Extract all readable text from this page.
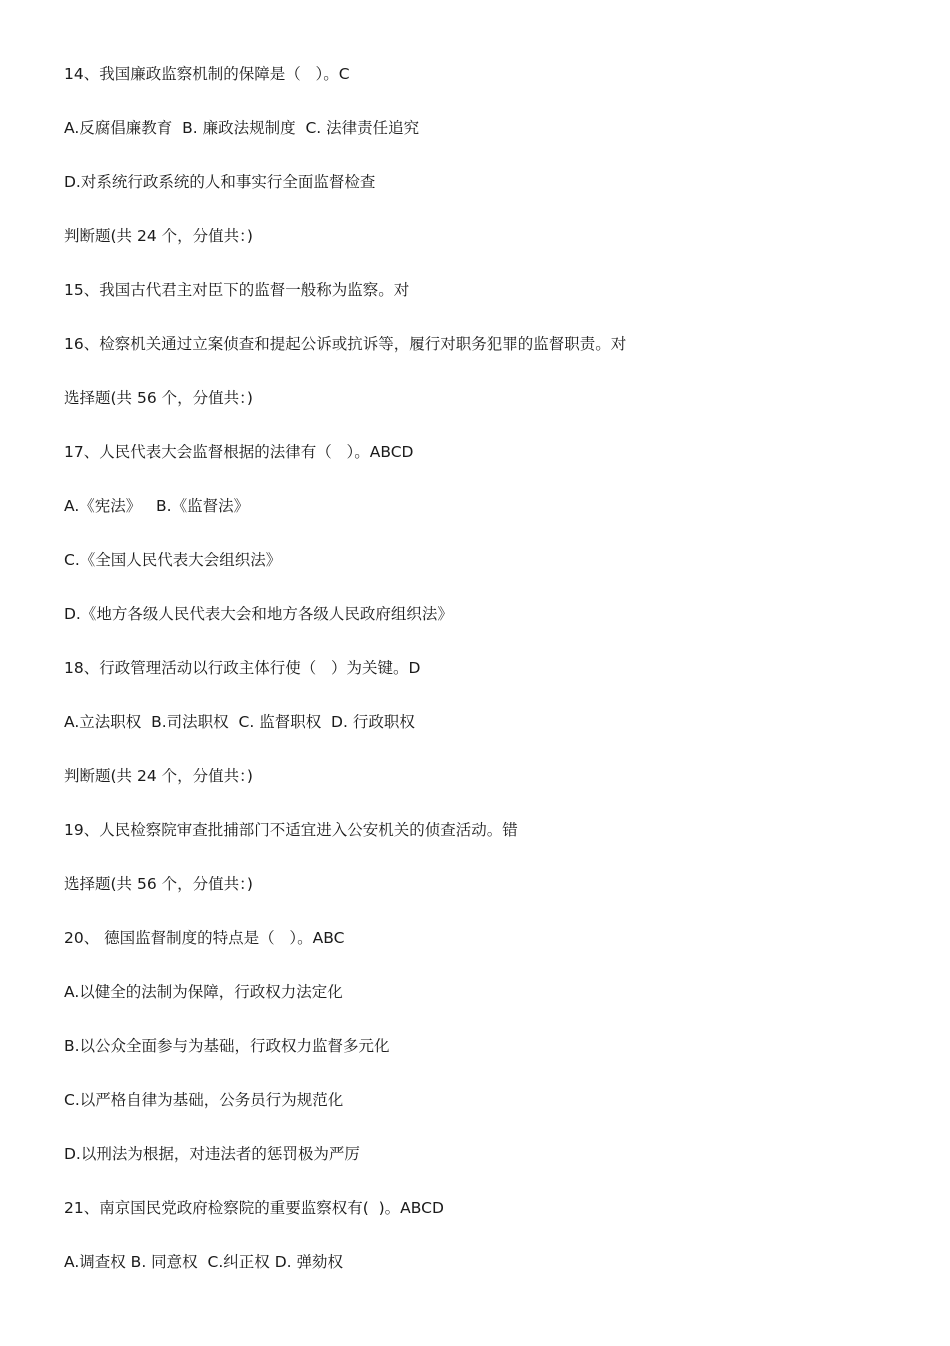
14、我国廉政监察机制的保障是（   ）。C
A.反腐倡廉教育  B. 廉政法规制度  C. 法律责任追究
D.对系统行政系统的人和事实行全面监督检查
判断题(共 24 个，分值共：)
15、我国古代君主对臣下的监督一般称为监察。对
16、检察机关通过立案侦查和提起公诉或抗诉等，履行对职务犯罪的监督职责。对
选择题(共 56 个，分值共：)
17、人民代表大会监督根据的法律有（   ）。ABCD
A.《宪法》   B.《监督法》
C.《全国人民代表大会组织法》
D.《地方各级人民代表大会和地方各级人民政府组织法》
18、行政管理活动以行政主体行使（   ）为关键。D
A.立法职权  B.司法职权  C. 监督职权  D. 行政职权
判断题(共 24 个，分值共：)
19、人民检察院审查批捕部门不适宜进入公安机关的侦查活动。错
选择题(共 56 个，分值共：)
20、 德国监督制度的特点是（   ）。ABC
A.以健全的法制为保障，行政权力法定化
B.以公众全面参与为基础，行政权力监督多元化
C.以严格自律为基础，公务员行为规范化
D.以刑法为根据，对违法者的惩罚极为严厉
21、南京国民党政府检察院的重要监察权有(  )。ABCD
A.调查权 B. 同意权  C.纠正权 D. 弹劾权
